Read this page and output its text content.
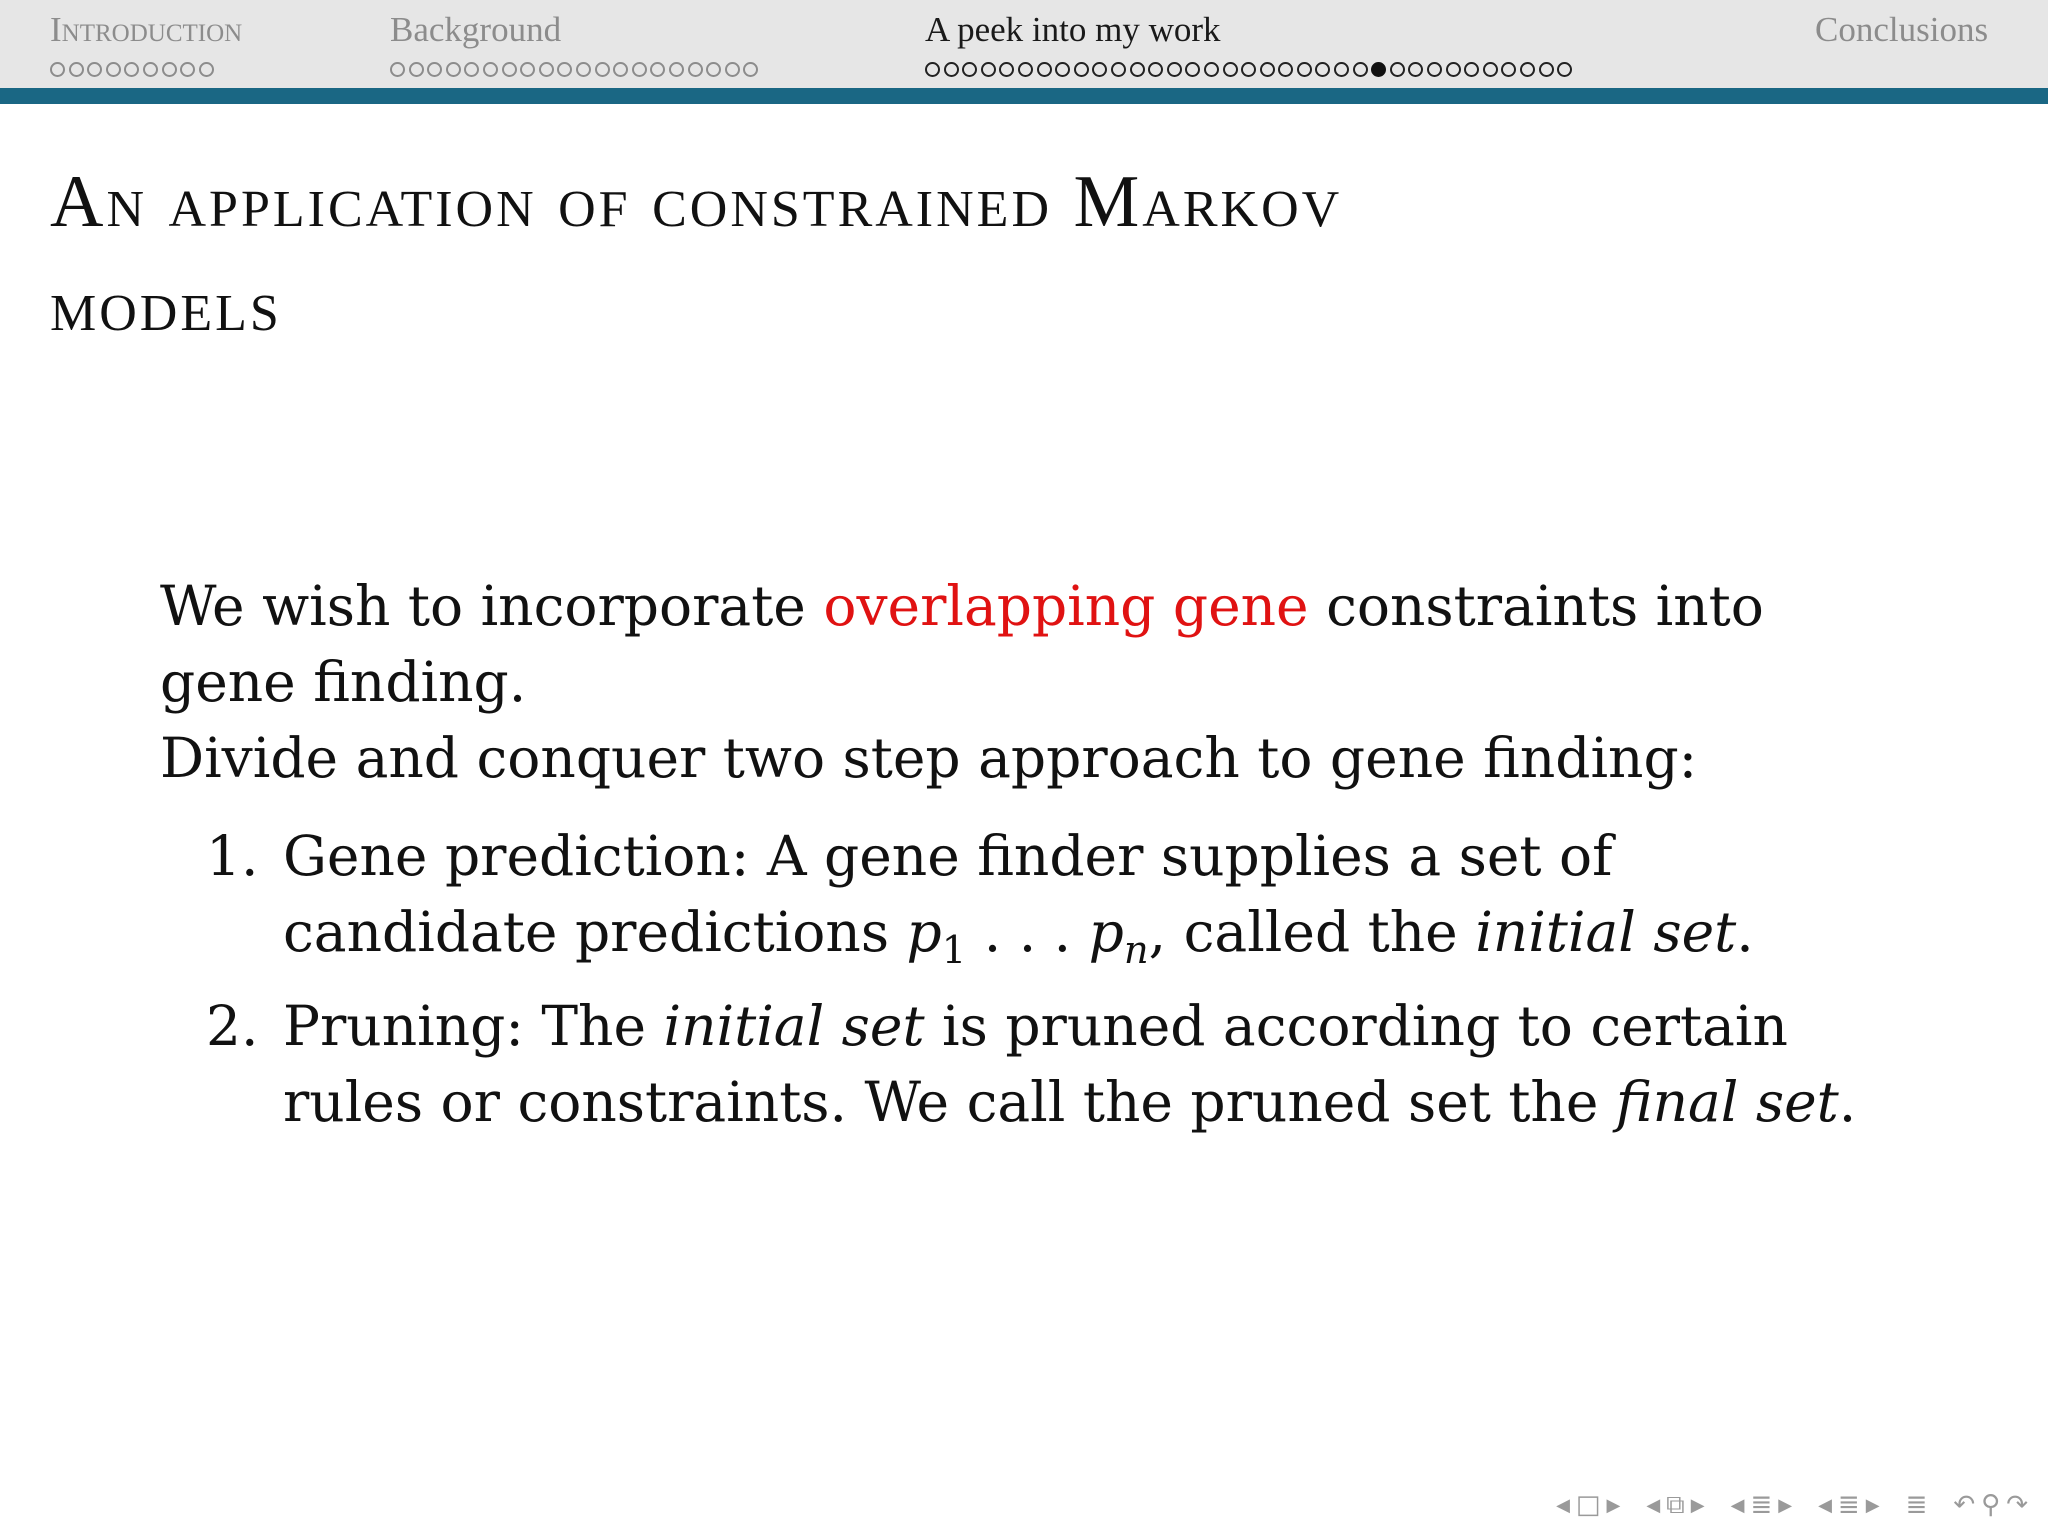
Introduction	Background	A peek into my work	Conclusions
An application of constrained Markov
models

We wish to incorporate overlapping gene constraints into gene finding.

Divide and conquer two step approach to gene finding:

1. Gene prediction: A gene finder supplies a set of candidate predictions $p_1$ . . . $p_n$, called the initial set.
2. Pruning: The initial set is pruned according to certain rules or constraints. We call the pruned set the final set.
◀ □ ▶ ◀ ⧉ ▶ ◀ ≣ ▶ ◀ ≣ ▶ ≣ ↶ ⚲ ↷
